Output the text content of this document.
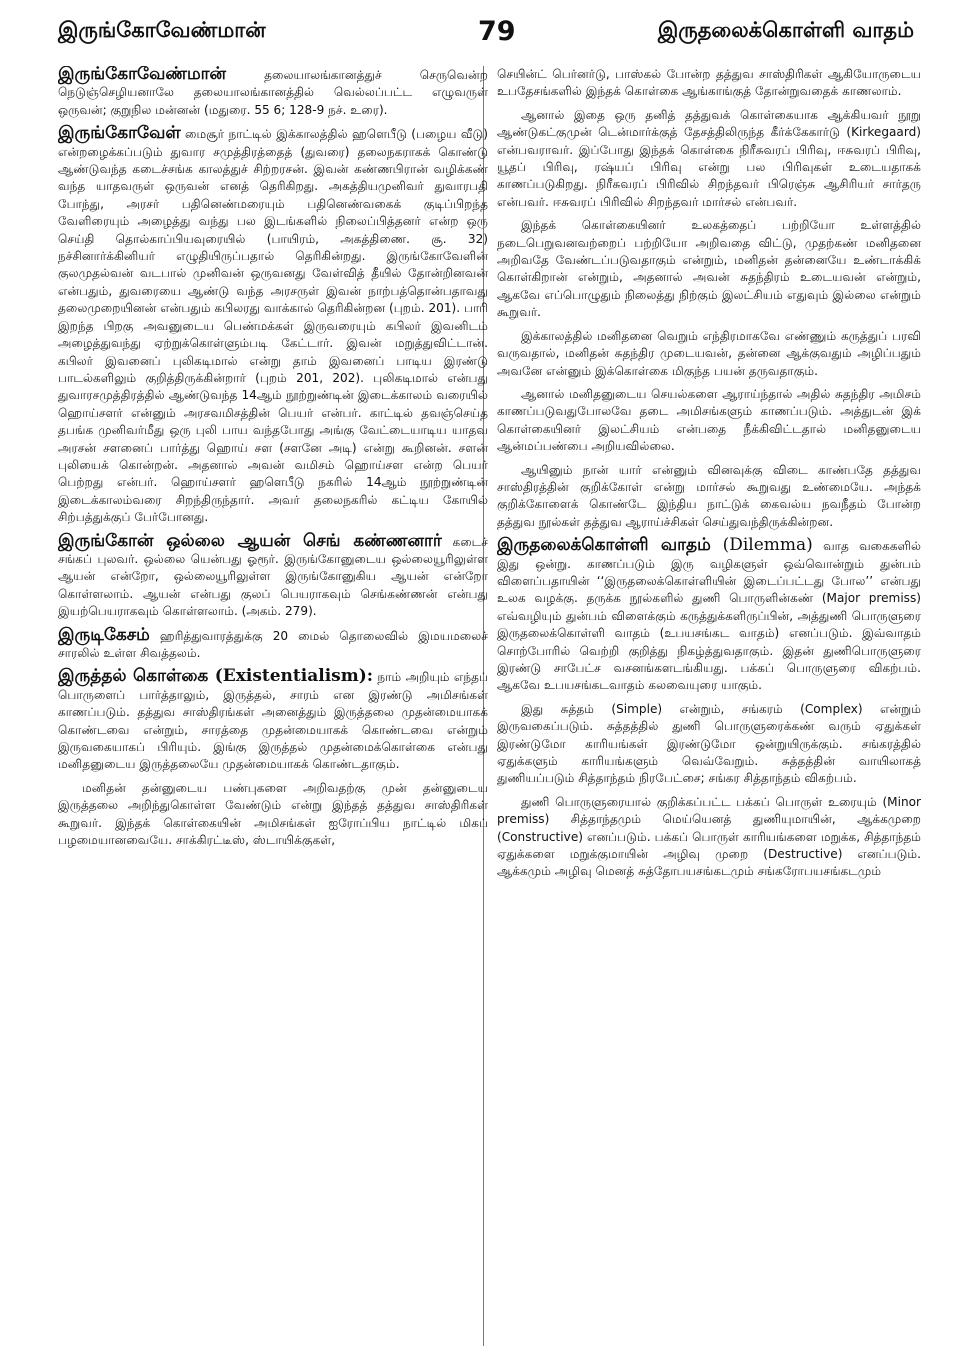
இருங்கோவேண்மான்	79	இருதலைக்கொள்ளி வாதம்

இருங்கோவேண்மான் தலையாலங்கானத்துச் செருவென்ற நெடுஞ்செழியனாலே தலையாலங்கானத்தில் வெல்லப்பட்ட எழுவருள் ஒருவன்; குறுநில மன்னன் (மதுரை. 55 6; 128-9 நச். உரை).

இருங்கோவேள் மைசூர் நாட்டில் இக்காலத்தில் ஹளெபீடு (பழைய வீடு) என்றழைக்கப்படும் துவார சமுத்திரத்தைத் (துவரை) தலைநகராகக் கொண்டு ஆண்டுவந்த கடைச்சங்க காலத்துச் சிற்றரசன். இவன் கண்ணபிரான் வழிக்கண் வந்த யாதவருள் ஒருவன் எனத் தெரிகிறது. அகத்தியமுனிவர் துவாரபதி போந்து, அரசர் பதினெண்மரையும் பதினெண்வகைக் குடிப்பிறந்த வேளிரையும் அழைத்து வந்து பல இடங்களில் நிலைப்பித்தனர் என்ற ஒரு செய்தி தொல்காப்பியவுரையில் (பாயிரம், அகத்திணை. சூ. 32) நச்சினார்க்கினியர் எழுதியிருப்பதால் தெரிகின்றது. இருங்கோவேளின் குலமுதல்வன் வடபால் முனிவன் ஒருவனது வேள்வித் தீயில் தோன்றினவன் என்பதும், துவரையை ஆண்டு வந்த அரசருள் இவன் நாற்பத்தொன்பதாவது தலைமுறையினன் என்பதும் கபிலரது வாக்கால் தெரிகின்றன (புறம். 201). பாரி இறந்த பிறகு அவனுடைய பெண்மக்கள் இருவரையும் கபிலர் இவனிடம் அழைத்துவந்து ஏற்றுக்கொள்ளும்படி கேட்டார். இவன் மறுத்துவிட்டான். கபிலர் இவனைப் புலிகடிமால் என்று தாம் இவனைப் பாடிய இரண்டு பாடல்களிலும் குறித்திருக்கின்றார் (புறம் 201, 202). புலிகடிமால் என்பது துவாரசமுத்திரத்தில் ஆண்டுவந்த 14ஆம் நூற்றுண்டின் இடைக்காலம் வரையில் ஹொய்சளர் என்னும் அரசவமிசத்தின் பெயர் என்பர். காட்டில் தவஞ்செய்த தபங்க முனிவர்மீது ஒரு புலி பாய வந்தபோது அங்கு வேட்டையாடிய யாதவ அரசன் சளனைப் பார்த்து ஹொய் சள (சளனே அடி) என்று கூறினன். சளன் புலியைக் கொன்றன். அதனால் அவன் வமிசம் ஹொய்சள என்ற பெயர் பெற்றது என்பர். ஹொய்சளர் ஹளெபீடு நகரில் 14ஆம் நூற்றுண்டின் இடைக்காலம்வரை சிறந்திருந்தார். அவர் தலைநகரில் கட்டிய கோயில் சிற்பத்துக்குப் பேர்போனது.

இருங்கோன் ஒல்லை ஆயன் செங் கண்ணனார் கடைச் சங்கப் புலவர். ஒல்லை யென்பது ஓரூர். இருங்கோனுடைய ஒல்லையூரிலுள்ள ஆயன் என்றோ, ஒல்லையூரிலுள்ள இருங்கோனுகிய ஆயன் என்றோ கொள்ளலாம். ஆயன் என்பது குலப் பெயராகவும் செங்கண்ணன் என்பது இயற்பெயராகவும் கொள்ளலாம். (அகம். 279).

இருடிகேசம் ஹரித்துவாரத்துக்கு 20 மைல் தொலைவில் இமயமலைச் சாரலில் உள்ள சிவத்தலம்.

இருத்தல் கொள்கை (Existentialism): நாம் அறியும் எந்தப் பொருளைப் பார்த்தாலும், இருத்தல், சாரம் என இரண்டு அமிசங்கள் காணப்படும். தத்துவ சாஸ்திரங்கள் அனைத்தும் இருத்தலை முதன்மையாகக் கொண்டவை என்றும், சாரத்தை முதன்மையாகக் கொண்டவை என்றும் இருவகையாகப் பிரியும். இங்கு இருத்தல் முதன்மைக்கொள்கை என்பது மனிதனுடைய இருத்தலையே முதன்மையாகக் கொண்டதாகும்.

மனிதன் தன்னுடைய பண்புகளை அறிவதற்கு முன் தன்னுடைய இருத்தலை அறிந்துகொள்ள வேண்டும் என்று இந்தத் தத்துவ சாஸ்திரிகள் கூறுவர். இந்தக் கொள்கையின் அமிசங்கள் ஐரோப்பிய நாட்டில் மிகப் பழமையானவையே. சாக்கிரட்டீஸ், ஸ்டாயிக்குகள்,

செயின்ட் பெர்னர்டு, பாஸ்கல் போன்ற தத்துவ சாஸ்திரிகள் ஆகியோருடைய உபதேசங்களில் இந்தக் கொள்கை ஆங்காங்குத் தோன்றுவதைக் காணலாம்.

ஆனால் இதை ஒரு தனித் தத்துவக் கொள்கையாக ஆக்கியவர் நூறு ஆண்டுகட்குமுன் டென்மார்க்குத் தேசத்திலிருந்த கீர்க்கேகார்டு (Kirkegaard) என்பவராவர். இப்போது இந்தக் கொள்கை நிரீசுவரப் பிரிவு, ஈசுவரப் பிரிவு, யூதப் பிரிவு, ரஷ்யப் பிரிவு என்று பல பிரிவுகள் உடையதாகக் காணப்படுகிறது. நிரீசுவரப் பிரிவில் சிறந்தவர் பிரெஞ்சு ஆசிரியர் சார்தரு என்பவர். ஈசுவரப் பிரிவில் சிறந்தவர் மார்சல் என்பவர்.

இந்தக் கொள்கையினர் உலகத்தைப் பற்றியோ உள்ளத்தில் நடைபெறுவனவற்றைப் பற்றியோ அறிவதை விட்டு, முதற்கண் மனிதனை அறிவதே வேண்டப்படுவதாகும் என்றும், மனிதன் தன்னையே உண்டாக்கிக் கொள்கிறான் என்றும், அதனால் அவன் சுதந்திரம் உடையவன் என்றும், ஆகவே எப்பொழுதும் நிலைத்து நிற்கும் இலட்சியம் எதுவும் இல்லை என்றும் கூறுவர்.

இக்காலத்தில் மனிதனை வெறும் எந்திரமாகவே எண்ணும் கருத்துப் பரவி வருவதால், மனிதன் சுதந்திர முடையவன், தன்னை ஆக்குவதும் அழிப்பதும் அவனே என்னும் இக்கொள்கை மிகுந்த பயன் தருவதாகும்.

ஆனால் மனிதனுடைய செயல்களை ஆராய்ந்தால் அதில் சுதந்திர அமிசம் காணப்படுவதுபோலவே தடை அமிசங்களும் காணப்படும். அத்துடன் இக் கொள்கையினர் இலட்சியம் என்பதை நீக்கிவிட்டதால் மனிதனுடைய ஆன்மப்பண்பை அறியவில்லை.

ஆயினும் நான் யார் என்னும் வினவுக்கு விடை காண்பதே தத்துவ சாஸ்திரத்தின் குறிக்கோள் என்று மார்சல் கூறுவது உண்மையே. அந்தக் குறிக்கோளைக் கொண்டே இந்திய நாட்டுக் கைவல்ய நவநீதம் போன்ற தத்துவ நூல்கள் தத்துவ ஆராய்ச்சிகள் செய்துவந்திருக்கின்றன.

இருதலைக்கொள்ளி வாதம் (Dilemma) வாத வகைகளில் இது ஒன்று. காணப்படும் இரு வழிகளுள் ஒவ்வொன்றும் துன்பம் விளைப்பதாயின் ‘‘இருதலைக்கொள்ளியின் இடைப்பட்டது போல’’ என்பது உலக வழக்கு. தருக்க நூல்களில் துணி பொருளின்கண் (Major premiss) எவ்வழியும் துன்பம் விளைக்கும் கருத்துக்களிருப்பின், அத்துணி பொருளுரை இருதலைக்கொள்ளி வாதம் (உபயசங்கட வாதம்) எனப்படும். இவ்வாதம் சொற்போரில் வெற்றி குறித்து நிகழ்த்துவதாகும். இதன் துணிபொருளுரை இரண்டு சாபேட்ச வசனங்களடங்கியது. பக்கப் பொருளுரை விகற்பம். ஆகவே உபயசங்கடவாதம் கலவையுரை யாகும்.

இது சுத்தம் (Simple) என்றும், சங்கரம் (Complex) என்றும் இருவகைப்படும். சுத்தத்தில் துணி பொருளுரைக்கண் வரும் ஏதுக்கள் இரண்டுமோ காரியங்கள் இரண்டுமோ ஒன்றுயிருக்கும். சங்கரத்தில் ஏதுக்களும் காரியங்களும் வெவ்வேறும். சுத்தத்தின் வாயிலாகத் துணியப்படும் சித்தாந்தம் நிரபேட்சை; சங்கர சித்தாந்தம் விகற்பம்.

துணி பொருளுரையால் குறிக்கப்பட்ட பக்கப் பொருள் உரையும் (Minor premiss) சித்தாந்தமும் மெய்யெனத் துணியுமாயின், ஆக்கமுறை (Constructive) எனப்படும். பக்கப் பொருள் காரியங்களை மறுக்க, சித்தாந்தம் ஏதுக்களை மறுக்குமாயின் அழிவு முறை (Destructive) எனப்படும். ஆக்கமும் அழிவு மெனத் சுத்தோபயசங்கடமும் சங்கரோபயசங்கடமும்
